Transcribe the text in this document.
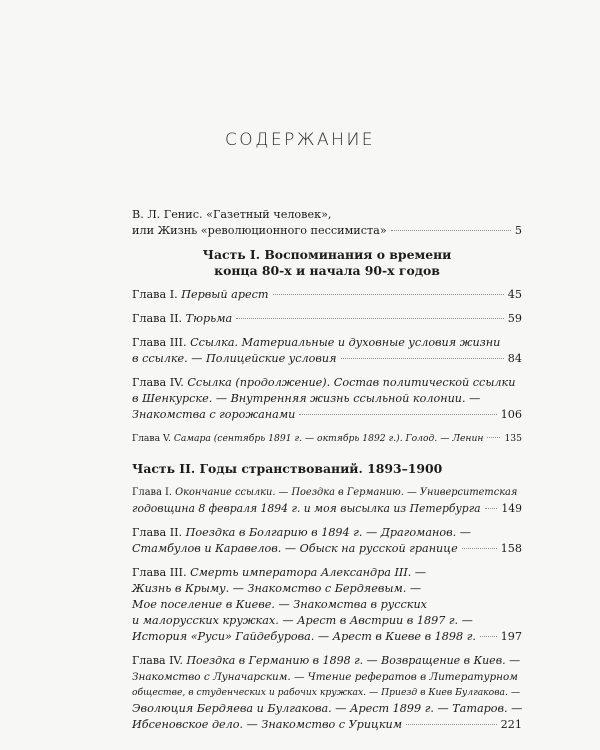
СОДЕРЖАНИЕ
В. Л. Генис. «Газетный человек»,
или Жизнь «революционного пессимиста»	5
Часть I. Воспоминания о времени
конца 80-х и начала 90-х годов
Глава I. Первый арест	45
Глава II. Тюрьма	59
Глава III. Ссылка. Материальные и духовные условия жизни
в ссылке. — Полицейские условия	84
Глава IV. Ссылка (продолжение). Состав политической ссылки
в Шенкурске. — Внутренняя жизнь ссыльной колонии. —
Знакомства с горожанами	106
Глава V. Самара (сентябрь 1891 г. — октябрь 1892 г.). Голод. — Ленин 135
Часть II. Годы странствований. 1893–1900
Глава I. Окончание ссылки. — Поездка в Германию. — Университетская
годовщина 8 февраля 1894 г. и моя высылка из Петербурга 149
Глава II. Поездка в Болгарию в 1894 г. — Драгоманов. —
Стамбулов и Каравелов. — Обыск на русской границе	158
Глава III. Смерть императора Александра III. —
Жизнь в Крыму. — Знакомство с Бердяевым. —
Мое поселение в Киеве. — Знакомства в русских
и малорусских кружках. — Арест в Австрии в 1897 г. —
История «Руси» Гайдебурова. — Арест в Киеве в 1898 г. 197
Глава IV. Поездка в Германию в 1898 г. — Возвращение в Киев. —
Знакомство с Луначарским. — Чтение рефератов в Литературном
обществе, в студенческих и рабочих кружках. — Приезд в Киев Булгакова. —
Эволюция Бердяева и Булгакова. — Арест 1899 г. — Татаров. —
Ибсеновское дело. — Знакомство с Урицким	221
